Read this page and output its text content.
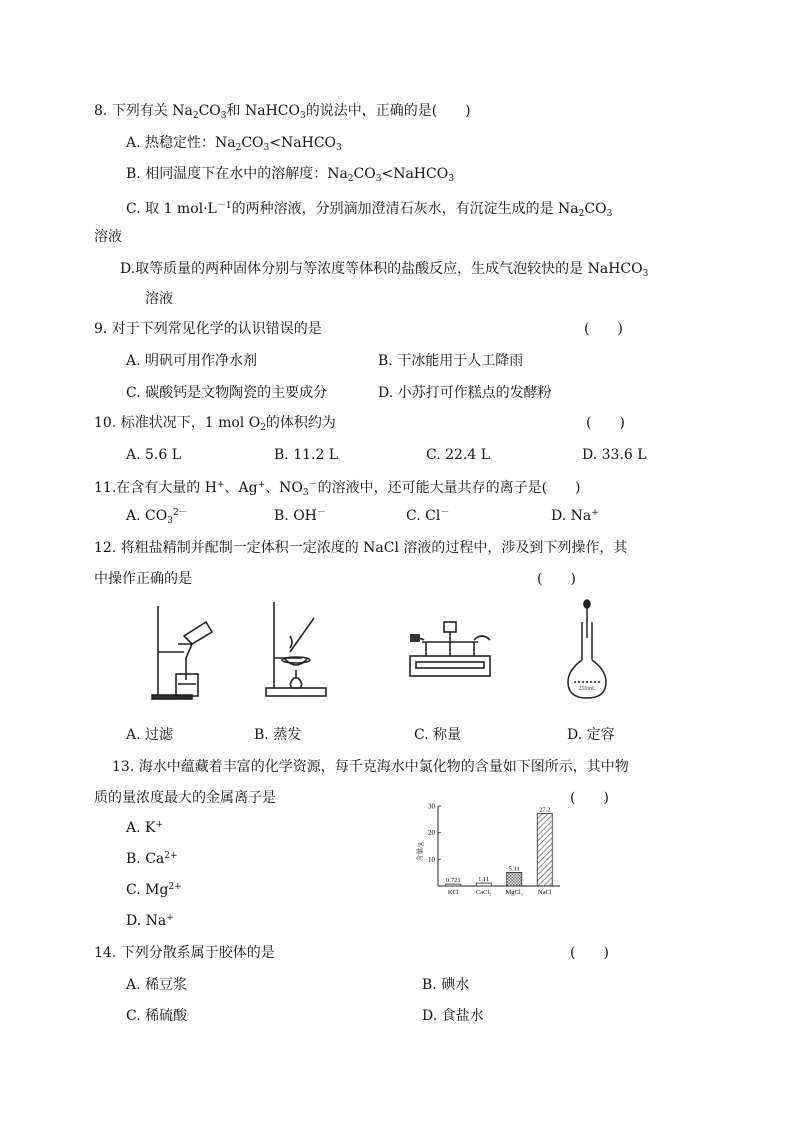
8. 下列有关 $Na_2CO_3$和 NaHCO$_3$的说法中，正确的是(　　)
A. 热稳定性：$Na_2CO_3<NaHCO_3$
B. 相同温度下在水中的溶解度：$Na_2CO_3<NaHCO_3$
C. 取 1 $mol\cdot L^{-1}$的两种溶液，分别滴加澄清石灰水，有沉淀生成的是 $Na_2CO_3$
溶液
D.取等质量的两种固体分别与等浓度等体积的盐酸反应，生成气泡较快的是 NaHCO$_3$
溶液
9. 对于下列常见化学的认识错误的是	(　　)
A. 明矾可用作净水剂	B. 干冰能用于人工降雨
C. 碳酸钙是文物陶瓷的主要成分	D. 小苏打可作糕点的发酵粉
10. 标准状况下，1 mol $O_2$的体积约为	(　　)
A. 5.6 L	B. 11.2 L	C. 22.4 L	D. 33.6 L
11.在含有大量的 H+、Ag+、$NO_3^-$的溶液中，还可能大量共存的离子是(　　)
A. $CO_3^{2-}$	B. OH－	C. Cl－	D. Na+
12. 将粗盐精制并配制一定体积一定浓度的 NaCl 溶液的过程中，涉及到下列操作，其
中操作正确的是	(　　)
250mL
A. 过滤	B. 蒸发	C. 称量	D. 定容
13. 海水中蕴藏着丰富的化学资源，每千克海水中氯化物的含量如下图所示，其中物
质的量浓度最大的金属离子是	(　　)
A. K+
B. $Ca^{2+}$
C. $Mg^{2+}$
D. Na+
含量/g
30
20
10
0.721
KCl
1.11
CaCl₂
5.11
MgCl₂
27.2
NaCl
14. 下列分散系属于胶体的是	(　　)
A. 稀豆浆	B. 碘水
C. 稀硫酸	D. 食盐水
